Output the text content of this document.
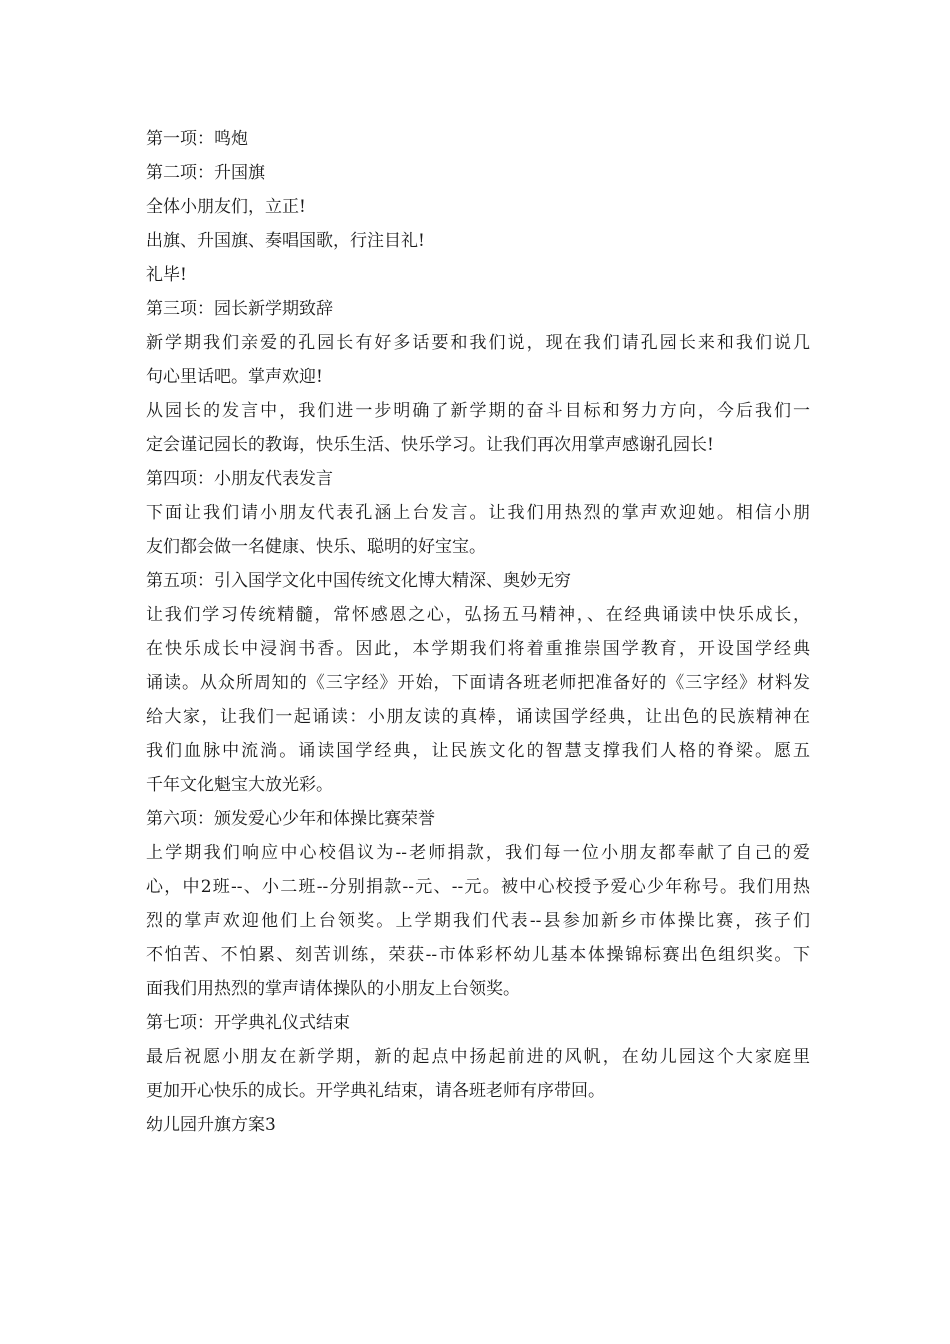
第一项：鸣炮
第二项：升国旗
全体小朋友们，立正!
出旗、升国旗、奏唱国歌，行注目礼!
礼毕!
第三项：园长新学期致辞
新学期我们亲爱的孔园长有好多话要和我们说，现在我们请孔园长来和我们说几
句心里话吧。掌声欢迎!
从园长的发言中，我们进一步明确了新学期的奋斗目标和努力方向，今后我们一
定会谨记园长的教诲，快乐生活、快乐学习。让我们再次用掌声感谢孔园长!
第四项：小朋友代表发言
下面让我们请小朋友代表孔涵上台发言。让我们用热烈的掌声欢迎她。相信小朋
友们都会做一名健康、快乐、聪明的好宝宝。
第五项：引入国学文化中国传统文化博大精深、奥妙无穷
让我们学习传统精髓，常怀感恩之心，弘扬五马精神，、在经典诵读中快乐成长，
在快乐成长中浸润书香。因此，本学期我们将着重推崇国学教育，开设国学经典
诵读。从众所周知的《三字经》开始，下面请各班老师把准备好的《三字经》材料发
给大家，让我们一起诵读：小朋友读的真棒，诵读国学经典，让出色的民族精神在
我们血脉中流淌。诵读国学经典，让民族文化的智慧支撑我们人格的脊梁。愿五
千年文化魁宝大放光彩。
第六项：颁发爱心少年和体操比赛荣誉
上学期我们响应中心校倡议为--老师捐款，我们每一位小朋友都奉献了自己的爱
心，中2班--、小二班--分别捐款--元、--元。被中心校授予爱心少年称号。我们用热
烈的掌声欢迎他们上台领奖。上学期我们代表--县参加新乡市体操比赛，孩子们
不怕苦、不怕累、刻苦训练，荣获--市体彩杯幼儿基本体操锦标赛出色组织奖。下
面我们用热烈的掌声请体操队的小朋友上台领奖。
第七项：开学典礼仪式结束
最后祝愿小朋友在新学期，新的起点中扬起前进的风帆，在幼儿园这个大家庭里
更加开心快乐的成长。开学典礼结束，请各班老师有序带回。
幼儿园升旗方案3
